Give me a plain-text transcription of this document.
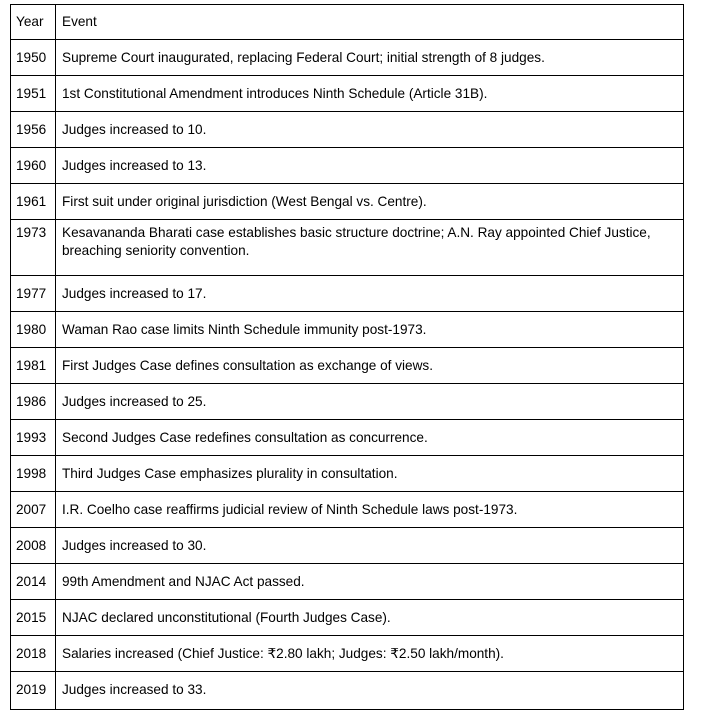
Year	Event
1950	Supreme Court inaugurated, replacing Federal Court; initial strength of 8 judges.
1951	1st Constitutional Amendment introduces Ninth Schedule (Article 31B).
1956	Judges increased to 10.
1960	Judges increased to 13.
1961	First suit under original jurisdiction (West Bengal vs. Centre).
1973	Kesavananda Bharati case establishes basic structure doctrine; A.N. Ray appointed Chief Justice, breaching seniority convention.
1977	Judges increased to 17.
1980	Waman Rao case limits Ninth Schedule immunity post-1973.
1981	First Judges Case defines consultation as exchange of views.
1986	Judges increased to 25.
1993	Second Judges Case redefines consultation as concurrence.
1998	Third Judges Case emphasizes plurality in consultation.
2007	I.R. Coelho case reaffirms judicial review of Ninth Schedule laws post-1973.
2008	Judges increased to 30.
2014	99th Amendment and NJAC Act passed.
2015	NJAC declared unconstitutional (Fourth Judges Case).
2018	Salaries increased (Chief Justice: ₹2.80 lakh; Judges: ₹2.50 lakh/month).
2019	Judges increased to 33.
